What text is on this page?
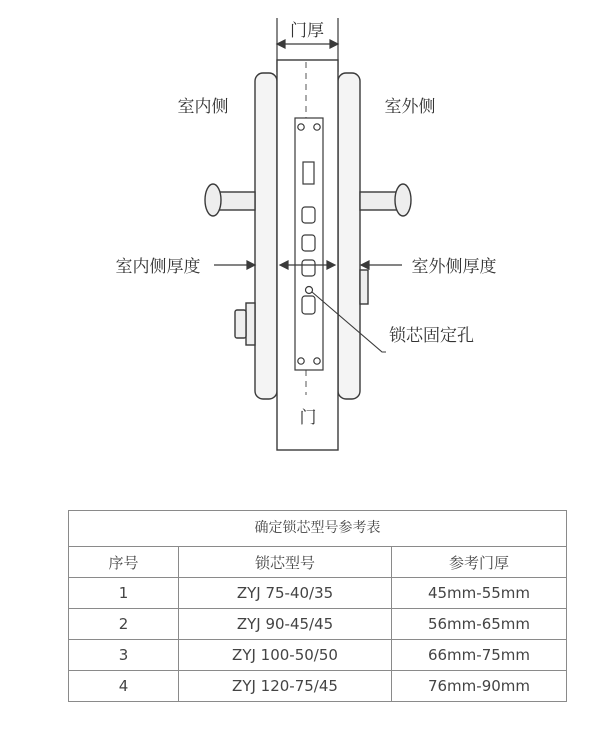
门厚
室内侧	室外侧
室内侧厚度	室外侧厚度
锁芯固定孔
门
确定锁芯型号参考表
序号	锁芯型号	参考门厚
1	ZYJ 75-40/35	45mm-55mm
2	ZYJ 90-45/45	56mm-65mm
3	ZYJ 100-50/50	66mm-75mm
4	ZYJ 120-75/45	76mm-90mm
